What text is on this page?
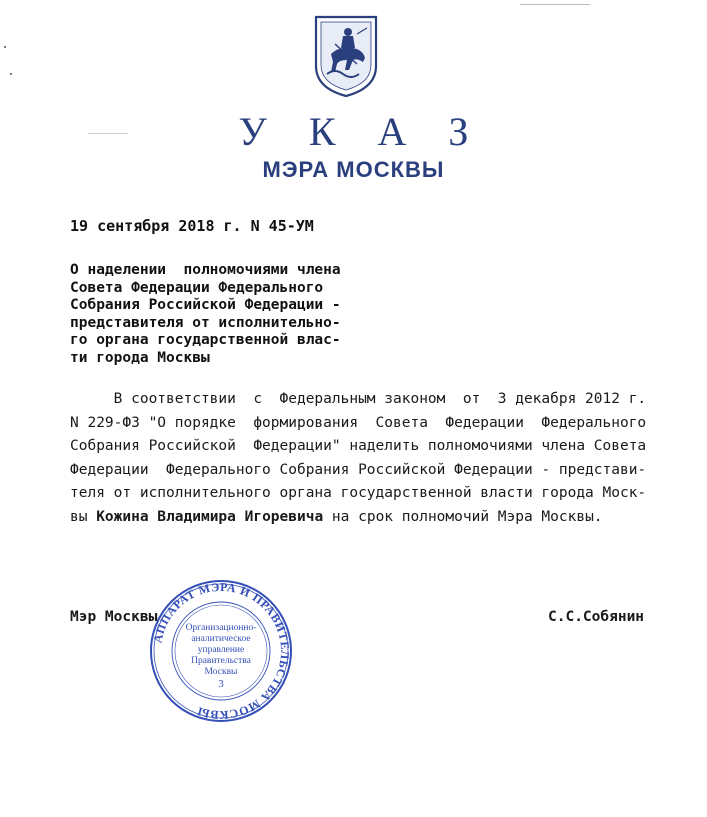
У К А З
МЭРА МОСКВЫ
19 сентября 2018 г. N 45-УМ
О наделении  полномочиями члена
Совета Федерации Федерального
Собрания Российской Федерации -
представителя от исполнительно-
го органа государственной влас-
ти города Москвы
В соответствии  с  Федеральным законом  от  3 декабря 2012 г.
N 229-ФЗ "О порядке  формирования  Совета  Федерации  Федерального
Собрания Российской  Федерации" наделить полномочиями члена Совета
Федерации  Федерального Собрания Российской Федерации - представи-
теля от исполнительного органа государственной власти города Моск-
вы Кожина Владимира Игоревича на срок полномочий Мэра Москвы.
АППАРАТ МЭРА И ПРАВИТЕЛЬСТВА МОСКВЫ
Организационно-
аналитическое
управление
Правительства
Москвы
3
Мэр Москвы	С.С.Собянин
